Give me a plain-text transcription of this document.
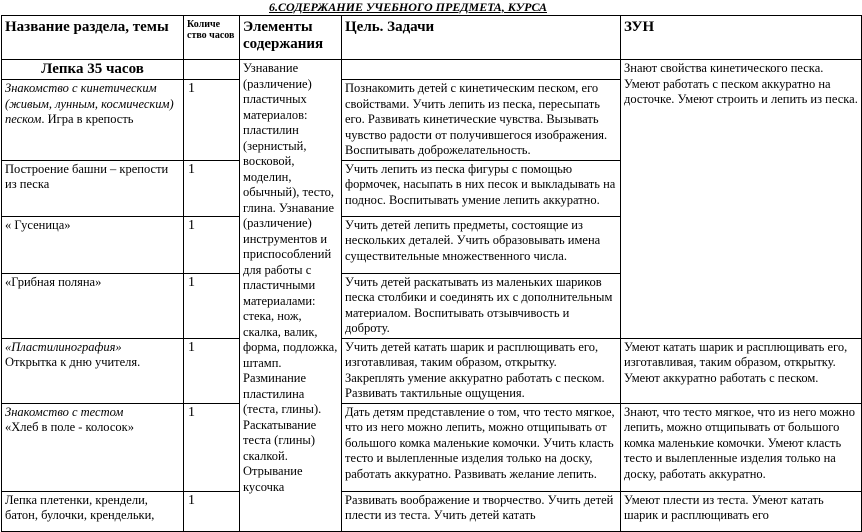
6.СОДЕРЖАНИЕ УЧЕБНОГО ПРЕДМЕТА, КУРСА
Название раздела, темы	Количе ство часов	Элементы содержания	Цель. Задачи	ЗУН
Лепка 35 часов		Узнавание (различение) пластичных материалов: пластилин (зернистый, восковой, моделин, обычный), тесто, глина. Узнавание (различение) инструментов и приспособлений для работы с пластичными материалами: стека, нож, скалка, валик, форма, подложка, штамп. Разминание пластилина (теста, глины). Раскатывание теста (глины) скалкой. Отрывание кусочка		Знают свойства кинетического песка. Умеют работать с песком аккуратно на досточке. Умеют строить и лепить из песка.
Знакомство с кинетическим (живым, лунным, космическим) песком. Игра в крепость	1		Познакомить детей с кинетическим песком, его свойствами. Учить лепить из песка, пересыпать его. Развивать кинетические чувства. Вызывать чувство радости от получившегося изображения. Воспитывать доброжелательность.	
Построение башни – крепости из песка	1		Учить лепить из песка фигуры с помощью формочек, насыпать в них песок и выкладывать на поднос. Воспитывать умение лепить аккуратно.	
« Гусеница»	1		Учить детей лепить предметы, состоящие из нескольких деталей. Учить образовывать имена существительные множественного числа.	
«Грибная поляна»	1		Учить детей раскатывать из маленьких шариков песка столбики и соединять их с дополнительным материалом. Воспитывать отзывчивость и доброту.	
«Пластилинография»
Открытка к дню учителя.	1		Учить детей катать шарик и расплющивать его, изготавливая, таким образом, открытку. Закреплять умение аккуратно работать с песком. Развивать тактильные ощущения.	Умеют катать шарик и расплющивать его, изготавливая, таким образом, открытку. Умеют аккуратно работать с песком.
Знакомство с тестом
«Хлеб в поле - колосок»	1		Дать детям представление о том, что тесто мягкое, что из него можно лепить, можно отщипывать от большого комка маленькие комочки. Учить класть тесто и вылепленные изделия только на доску, работать аккуратно. Развивать желание лепить.	Знают, что тесто мягкое, что из него можно лепить, можно отщипывать от большого комка маленькие комочки. Умеют класть тесто и вылепленные изделия только на доску, работать аккуратно.
Лепка плетенки, крендели, батон, булочки, крендельки,	1		Развивать воображение и творчество. Учить детей плести из теста. Учить детей катать	Умеют плести из теста. Умеют катать шарик и расплющивать его
